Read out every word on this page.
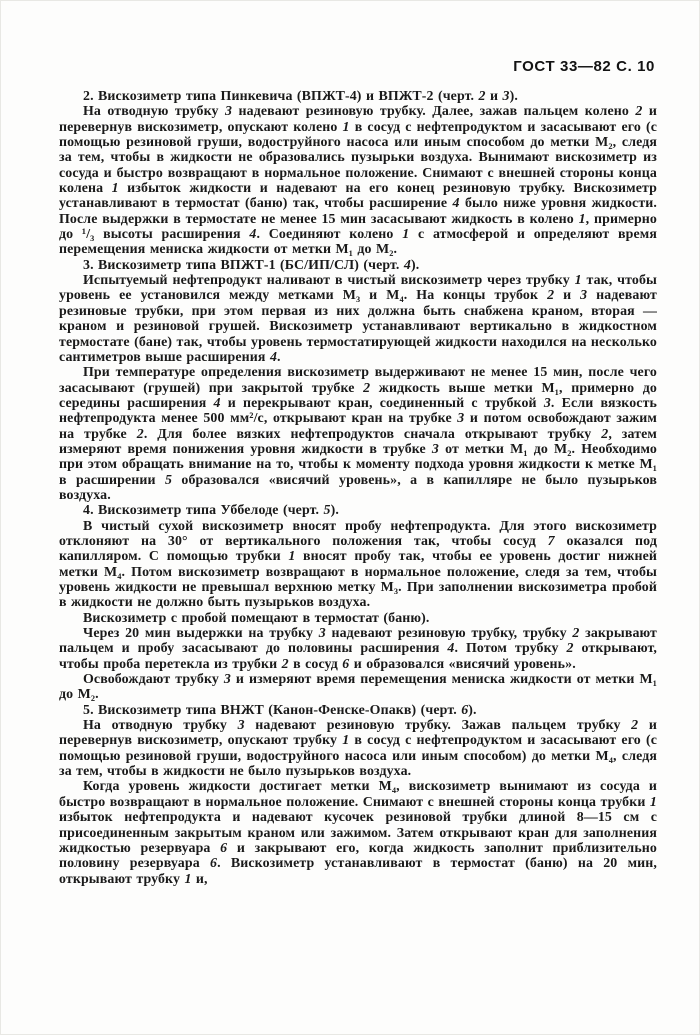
ГОСТ 33—82 С. 10

2. Вискозиметр типа Пинкевича (ВПЖТ-4) и ВПЖТ-2 (черт. 2 и 3).

На отводную трубку 3 надевают резиновую трубку. Далее, зажав пальцем колено 2 и перевернув вискозиметр, опускают колено 1 в сосуд с нефтепродуктом и засасывают его (с помощью резиновой груши, водоструйного насоса или иным способом до метки М₂, следя за тем, чтобы в жидкости не образовались пузырьки воздуха. Вынимают вискозиметр из сосуда и быстро возвращают в нормальное положение. Снимают с внешней стороны конца колена 1 избыток жидкости и надевают на его конец резиновую трубку. Вискозиметр устанавливают в термостат (баню) так, чтобы расширение 4 было ниже уровня жидкости. После выдержки в термостате не менее 15 мин засасывают жидкость в колено 1, примерно до ¹/₃ высоты расширения 4. Соединяют колено 1 с атмосферой и определяют время перемещения мениска жидкости от метки М₁ до М₂.

3. Вискозиметр типа ВПЖТ-1 (БС/ИП/СЛ) (черт. 4).

Испытуемый нефтепродукт наливают в чистый вискозиметр через трубку 1 так, чтобы уровень ее установился между метками М₃ и М₄. На концы трубок 2 и 3 надевают резиновые трубки, при этом первая из них должна быть снабжена краном, вторая — краном и резиновой грушей. Вискозиметр устанавливают вертикально в жидкостном термостате (бане) так, чтобы уровень термостатирующей жидкости находился на несколько сантиметров выше расширения 4.

При температуре определения вискозиметр выдерживают не менее 15 мин, после чего засасывают (грушей) при закрытой трубке 2 жидкость выше метки М₁, примерно до середины расширения 4 и перекрывают кран, соединенный с трубкой 3. Если вязкость нефтепродукта менее 500 мм²/с, открывают кран на трубке 3 и потом освобождают зажим на трубке 2. Для более вязких нефтепродуктов сначала открывают трубку 2, затем измеряют время понижения уровня жидкости в трубке 3 от метки М₁ до М₂. Необходимо при этом обращать внимание на то, чтобы к моменту подхода уровня жидкости к метке М₁ в расширении 5 образовался «висячий уровень», а в капилляре не было пузырьков воздуха.

4. Вискозиметр типа Уббелоде (черт. 5).

В чистый сухой вискозиметр вносят пробу нефтепродукта. Для этого вискозиметр отклоняют на 30° от вертикального положения так, чтобы сосуд 7 оказался под капилляром. С помощью трубки 1 вносят пробу так, чтобы ее уровень достиг нижней метки М₄. Потом вискозиметр возвращают в нормальное положение, следя за тем, чтобы уровень жидкости не превышал верхнюю метку М₃. При заполнении вискозиметра пробой в жидкости не должно быть пузырьков воздуха.

Вискозиметр с пробой помещают в термостат (баню).

Через 20 мин выдержки на трубку 3 надевают резиновую трубку, трубку 2 закрывают пальцем и пробу засасывают до половины расширения 4. Потом трубку 2 открывают, чтобы проба перетекла из трубки 2 в сосуд 6 и образовался «висячий уровень».

Освобождают трубку 3 и измеряют время перемещения мениска жидкости от метки М₁ до М₂.

5. Вискозиметр типа ВНЖТ (Канон-Фенске-Опакв) (черт. 6).

На отводную трубку 3 надевают резиновую трубку. Зажав пальцем трубку 2 и перевернув вискозиметр, опускают трубку 1 в сосуд с нефтепродуктом и засасывают его (с помощью резиновой груши, водоструйного насоса или иным способом) до метки М₄, следя за тем, чтобы в жидкости не было пузырьков воздуха.

Когда уровень жидкости достигает метки М₄, вискозиметр вынимают из сосуда и быстро возвращают в нормальное положение. Снимают с внешней стороны конца трубки 1 избыток нефтепродукта и надевают кусочек резиновой трубки длиной 8—15 см с присоединенным закрытым краном или зажимом. Затем открывают кран для заполнения жидкостью резервуара 6 и закрывают его, когда жидкость заполнит приблизительно половину резервуара 6. Вискозиметр устанавливают в термостат (баню) на 20 мин, открывают трубку 1 и,
